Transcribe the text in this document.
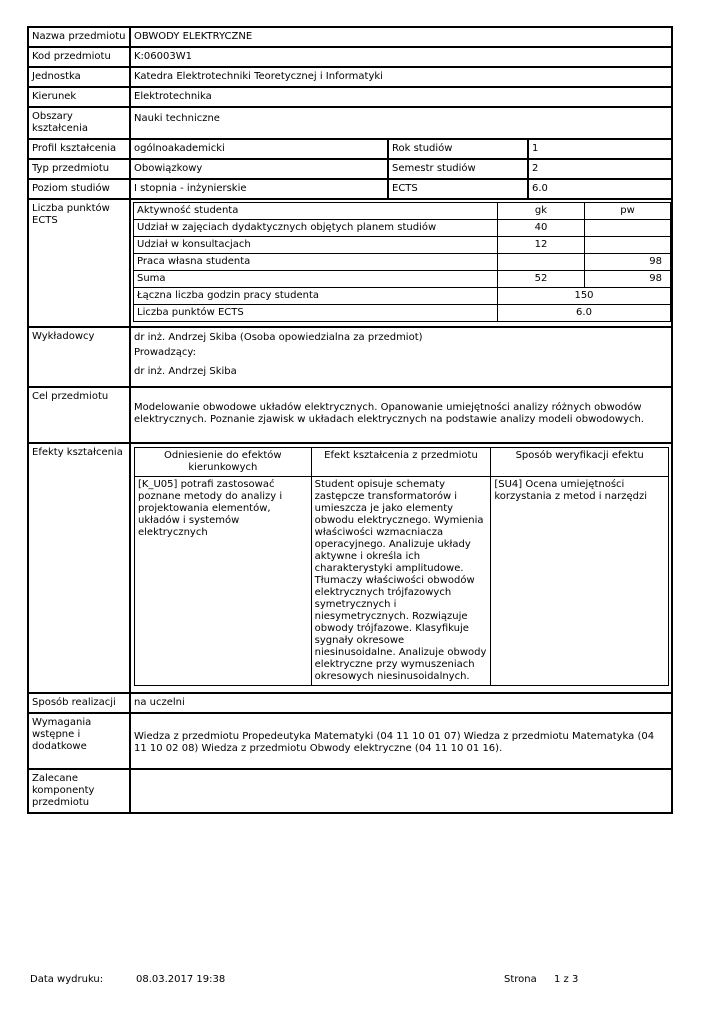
Nazwa przedmiotu	OBWODY ELEKTRYCZNE
Kod przedmiotu	K:06003W1
Jednostka	Katedra Elektrotechniki Teoretycznej i Informatyki
Kierunek	Elektrotechnika
Obszary kształcenia	Nauki techniczne
Profil kształcenia	ogólnoakademicki	Rok studiów	1
Typ przedmiotu	Obowiązkowy	Semestr studiów	2
Poziom studiów	I stopnia - inżynierskie	ECTS	6.0
Liczba punktów ECTS	
Aktywność studenta	gk	pw
Udział w zajęciach dydaktycznych objętych planem studiów	40	
Udział w konsultacjach	12	
Praca własna studenta		98
Suma	52	98
Łączna liczba godzin pracy studenta	150
Liczba punktów ECTS	6.0

Wykładowcy	dr inż. Andrzej Skiba (Osoba opowiedzialna za przedmiot)
Prowadzący:
dr inż. Andrzej Skiba

Cel przedmiotu	Modelowanie obwodowe układów elektrycznych. Opanowanie umiejętności analizy różnych obwodów elektrycznych. Poznanie zjawisk w układach elektrycznych na podstawie analizy modeli obwodowych.
Efekty kształcenia		Odniesienie do efektów kierunkowych	Efekt kształcenia z przedmiotu	Sposób weryfikacji efektu
[K_U05] potrafi zastosować poznane metody do analizy i projektowania elementów, układów i systemów elektrycznych	Student opisuje schematy zastępcze transformatorów i umieszcza je jako elementy obwodu elektrycznego. Wymienia właściwości wzmacniacza operacyjnego. Analizuje układy aktywne i określa ich charakterystyki amplitudowe. Tłumaczy właściwości obwodów elektrycznych trójfazowych symetrycznych i niesymetrycznych. Rozwiązuje obwody trójfazowe. Klasyfikuje sygnały okresowe niesinusoidalne. Analizuje obwody elektryczne przy wymuszeniach okresowych niesinusoidalnych.	[SU4] Ocena umiejętności korzystania z metod i narzędzi

Sposób realizacji	na uczelni
Wymagania wstępne i dodatkowe	Wiedza z przedmiotu Propedeutyka Matematyki (04 11 10 01 07) Wiedza z przedmiotu Matematyka (04 11 10 02 08) Wiedza z przedmiotu Obwody elektryczne (04 11 10 01 16).
Zalecane komponenty przedmiotu	
Data wydruku:	08.03.2017 19:38	Strona 1 z 3
